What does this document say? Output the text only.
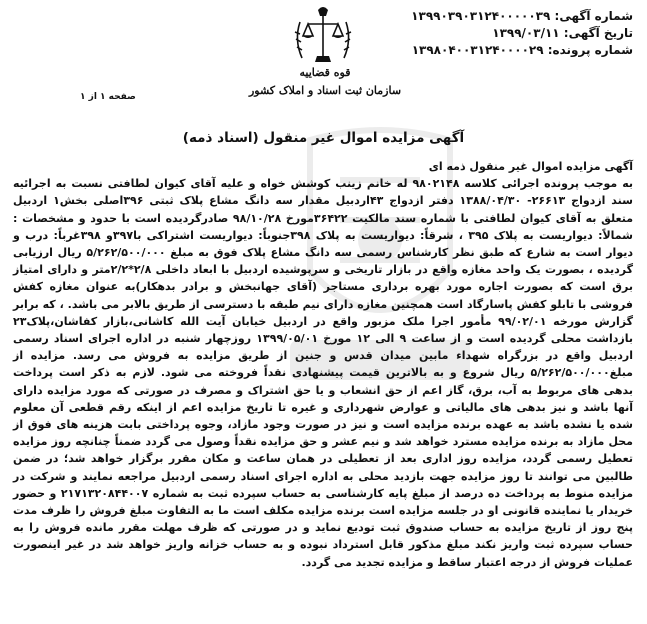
شماره آگهی: ۱۳۹۹۰۳۹۰۳۱۲۴۰۰۰۰۰۳۹
تاریخ آگهی: ۱۳۹۹/۰۳/۱۱
شماره پرونده: ۱۳۹۸۰۴۰۰۳۱۲۴۰۰۰۰۲۹
قوه قضاییه
سازمان ثبت اسناد و املاک کشور
صفحه ۱ از ۱
آگهی مزایده اموال غیر منقول (اسناد ذمه)

آگهی مزایده اموال غیر منقول ذمه ای

به موجب پرونده اجرائی کلاسه ۹۸۰۲۱۴۸ له خانم زینب کوشش خواه و علیه آقای کیوان لطافتی نسبت به اجرائیه سند ازدواج ۲۶۶۱۳- ۱۳۸۸/۰۴/۳۰ دفتر ازدواج ۴۳اردبیل مقدار سه دانگ مشاع پلاک ثبتی ۳۹۶اصلی بخش۱ اردبیل متعلق به آقای کیوان لطافتی با شماره سند مالکیت ۳۶۴۲۲مورخ ۹۸/۱۰/۲۸ صادرگردیده است با حدود و مشخصات : شمالاً: دیواریست به پلاک ۳۹۵ ، شرقاً: دیواریست به پلاک ۳۹۸جنوباً: دیواریست اشتراکی با۳۹۷و ۳۹۸غرباً: درب و دیوار است به شارع که طبق نظر کارشناس رسمی سه دانگ مشاع پلاک فوق به مبلغ ۵/۲۶۲/۵۰۰/۰۰۰ ریال ارزیابی گردیده ، بصورت یک واحد مغازه واقع در بازار تاریخی و سرپوشیده اردبیل با ابعاد داخلی ۲/۸*۲/۲متر و دارای امتیاز برق است که بصورت اجاره مورد بهره برداری مستاجر (آقای جهانبخش و برادر بدهکار)به عنوان مغازه کفش فروشی با تابلو کفش پاسارگاد است همچنین مغازه دارای نیم طبقه با دسترسی از طریق بالابر می باشد. ، که برابر گزارش مورخه ۹۹/۰۲/۰۱ مأمور اجرا ملک مزبور واقع در اردبیل خیابان آیت الله کاشانی،بازار کفاشان،پلاک۲۳ بازداشت محلی گردیده است و از ساعت ۹ الی ۱۲ مورخ ۱۳۹۹/۰۵/۰۱ روزچهار شنبه در اداره اجرای اسناد رسمی اردبیل واقع در بزرگراه شهداء مابین میدان قدس و جنین از طریق مزایده به فروش می رسد. مزایده از مبلغ۵/۲۶۲/۵۰۰/۰۰۰ ریال شروع و به بالاترین قیمت پیشنهادی نقداً فروخته می شود. لازم به ذکر است پرداخت بدهی های مربوط به آب، برق، گاز اعم از حق انشعاب و یا حق اشتراک و مصرف در صورتی که مورد مزایده دارای آنها باشد و نیز بدهی های مالیاتی و عوارض شهرداری و غیره تا تاریخ مزایده اعم از اینکه رقم قطعی آن معلوم شده یا نشده باشد به عهده برنده مزایده است و نیز در صورت وجود مازاد، وجوه پرداختی بابت هزینه های فوق از محل مازاد به برنده مزایده مسترد خواهد شد و نیم عشر و حق مزایده نقداً وصول می گردد ضمناً چنانچه روز مزایده تعطیل رسمی گردد، مزایده روز اداری بعد از تعطیلی در همان ساعت و مکان مقرر برگزار خواهد شد؛ در ضمن طالبین می توانند تا روز مزایده جهت بازدید محلی به اداره اجرای اسناد رسمی اردبیل مراجعه نمایند و شرکت در مزایده منوط به پرداخت ده درصد از مبلغ پایه کارشناسی به حساب سپرده ثبت به شماره ۲۱۷۱۳۲۰۸۴۴۰۰۷ و حضور خریدار یا نماینده قانونی او در جلسه مزایده است برنده مزایده مکلف است ما به التفاوت مبلغ فروش را ظرف مدت پنج روز از تاریخ مزایده به حساب صندوق ثبت تودیع نماید و در صورتی که ظرف مهلت مقرر مانده فروش را به حساب سپرده ثبت واریز نکند مبلغ مذکور قابل استرداد نبوده و به حساب خزانه واریز خواهد شد در غیر اینصورت عملیات فروش از درجه اعتبار ساقط و مزایده تجدید می گردد.
